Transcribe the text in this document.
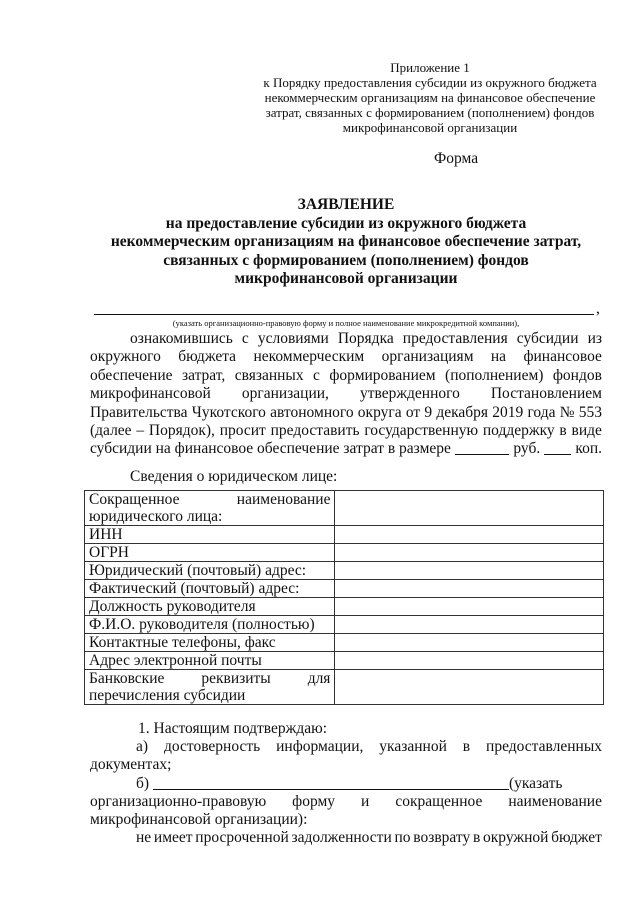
Приложение 1
к Порядку предоставления субсидии из окружного бюджета
некоммерческим организациям на финансовое обеспечение
затрат, связанных с формированием (пополнением) фондов
микрофинансовой организации
Форма
ЗАЯВЛЕНИЕ
на предоставление субсидии из окружного бюджета
некоммерческим организациям на финансовое обеспечение затрат,
связанных с формированием (пополнением) фондов
микрофинансовой организации
,
(указать организационно-правовую форму и полное наименование микрокредитной компании),
ознакомившись с условиями Порядка предоставления субсидии из
окружного бюджета некоммерческим организациям на финансовое
обеспечение затрат, связанных с формированием (пополнением) фондов
микрофинансовой организации, утвержденного Постановлением
Правительства Чукотского автономного округа от 9 декабря 2019 года № 553
(далее – Порядок), просит предоставить государственную поддержку в виде
субсидии на финансовое обеспечение затрат в размере	руб. коп.
Сведения о юридическом лице:
Сокращенное наименование
юридического лица:	

ИНН	
ОГРН	
Юридический (почтовый) адрес:	
Фактический (почтовый) адрес:	
Должность руководителя	
Ф.И.О. руководителя (полностью)	
Контактные телефоны, факс	
Адрес электронной почты	

Банковские реквизиты для
перечисления субсидии	

1. Настоящим подтверждаю:
а) достоверность информации, указанной в предоставленных
документах;
б)	(указать
организационно-правовую форму и сокращенное наименование
микрофинансовой организации):
не имеет просроченной задолженности по возврату в окружной бюджет
